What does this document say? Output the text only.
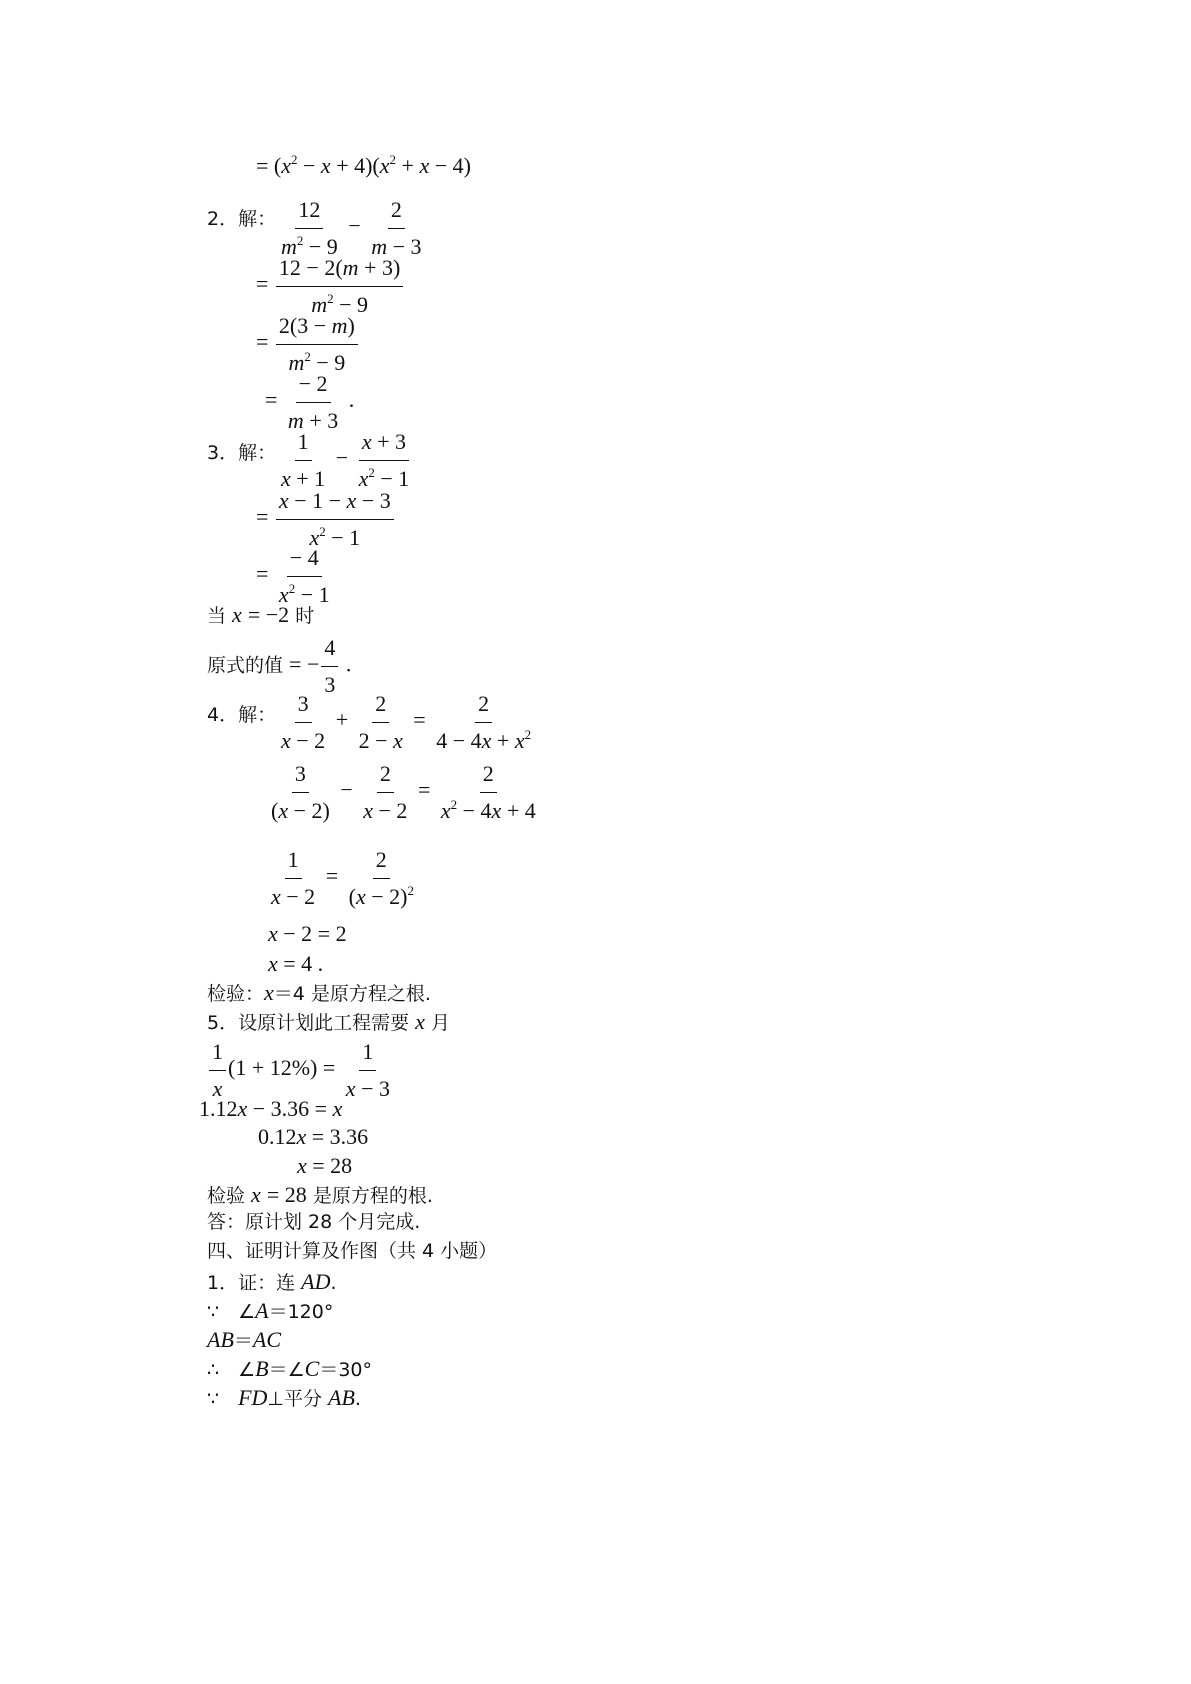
= $(x^2 - x + 4)(x^2 + x - 4)$
2．解： $\frac{12}{m^2 - 9} - \frac{2}{m - 3}$
= $\frac{12 - 2(m + 3)}{m^2 - 9}$
= $\frac{2(3 - m)}{m^2 - 9}$
= $\frac{- 2}{m + 3}$ .
3．解： $\frac{1}{x + 1} - \frac{x + 3}{x^2 - 1}$
= $\frac{x - 1 - x - 3}{x^2 - 1}$
= $\frac{- 4}{x^2 - 1}$
当 x = −2 时
原式的值 = − $\frac{4}{3}$ .
4．解： $\frac{3}{x - 2} + \frac{2}{2 - x} = \frac{2}{4 - 4x + x^2}$
$\frac{3}{(x - 2)} - \frac{2}{x - 2} = \frac{2}{x^2 - 4x + 4}$
$\frac{1}{x - 2} = \frac{2}{(x - 2)^2}$
x − 2 = 2
x = 4 .
检验：x＝4 是原方程之根.
5．设原计划此工程需要 x 月
$\frac{1}{x} (1 + 12\%) = \frac{1}{x - 3}$
1.12x − 3.36 = x
0.12x = 3.36
x = 28
检验 x = 28 是原方程的根.
答：原计划 28 个月完成.
四、证明计算及作图（共 4 小题）
1．证：连 AD.
∵　∠A＝120°
AB＝AC
∴　∠B＝∠C＝30°
∵　FD⊥平分 AB.
